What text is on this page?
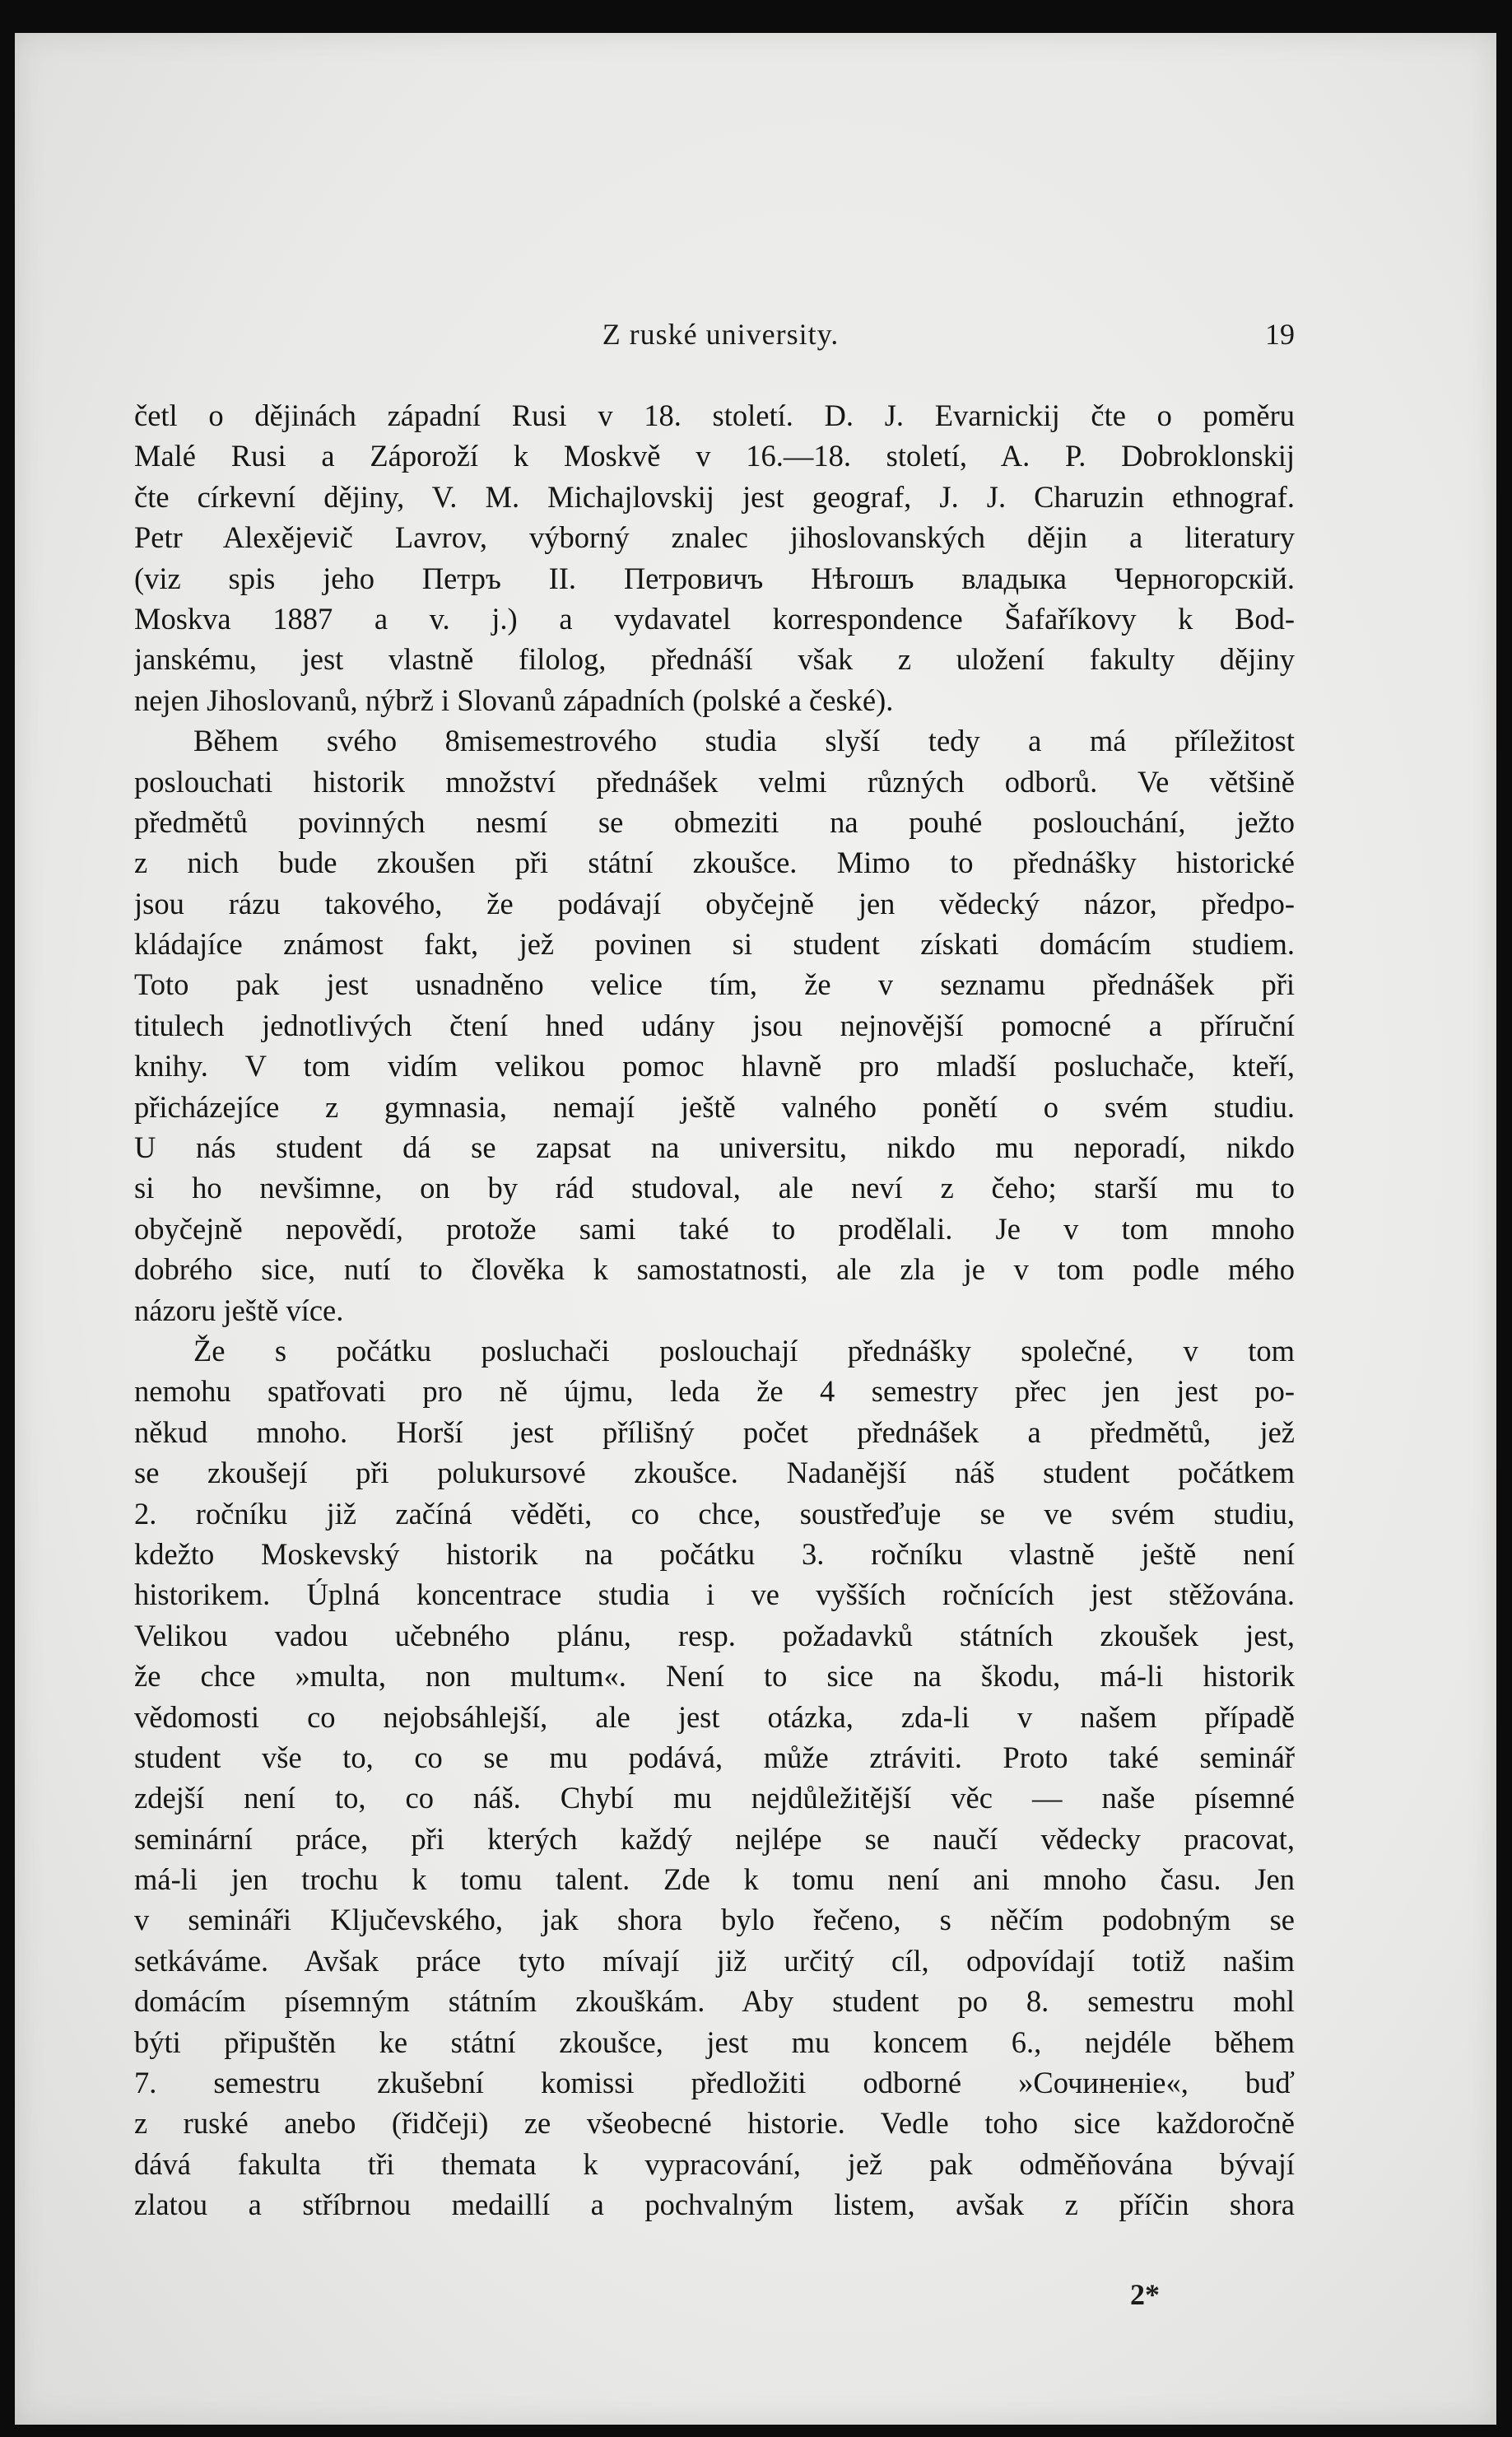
Z ruské university.	19
četl o dějinách západní Rusi v 18. století. D. J. Evarnickij čte o poměru
Malé Rusi a Záporoží k Moskvě v 16.—18. století, A. P. Dobroklonskij
čte církevní dějiny, V. M. Michajlovskij jest geograf, J. J. Charuzin ethnograf.
Petr Alexějevič Lavrov, výborný znalec jihoslovanských dějin a literatury
(viz spis jeho Петръ II. Петровичъ Нѣгошъ владыка Черногорскій.
Moskva 1887 a v. j.) a vydavatel korrespondence Šafaříkovy k Bod-
janskému, jest vlastně filolog, přednáší však z uložení fakulty dějiny
nejen Jihoslovanů, nýbrž i Slovanů západních (polské a české).
Během svého 8misemestrového studia slyší tedy a má příležitost
poslouchati historik množství přednášek velmi různých odborů. Ve většině
předmětů povinných nesmí se obmeziti na pouhé poslouchání, ježto
z nich bude zkoušen při státní zkoušce. Mimo to přednášky historické
jsou rázu takového, že podávají obyčejně jen vědecký názor, předpo-
kládajíce známost fakt, jež povinen si student získati domácím studiem.
Toto pak jest usnadněno velice tím, že v seznamu přednášek při
titulech jednotlivých čtení hned udány jsou nejnovější pomocné a příruční
knihy. V tom vidím velikou pomoc hlavně pro mladší posluchače, kteří,
přicházejíce z gymnasia, nemají ještě valného ponětí o svém studiu.
U nás student dá se zapsat na universitu, nikdo mu neporadí, nikdo
si ho nevšimne, on by rád studoval, ale neví z čeho; starší mu to
obyčejně nepovědí, protože sami také to prodělali. Je v tom mnoho
dobrého sice, nutí to člověka k samostatnosti, ale zla je v tom podle mého
názoru ještě více.
Že s počátku posluchači poslouchají přednášky společné, v tom
nemohu spatřovati pro ně újmu, leda že 4 semestry přec jen jest po-
někud mnoho. Horší jest přílišný počet přednášek a předmětů, jež
se zkoušejí při polukursové zkoušce. Nadanější náš student počátkem
2. ročníku již začíná věděti, co chce, soustřeďuje se ve svém studiu,
kdežto Moskevský historik na počátku 3. ročníku vlastně ještě není
historikem. Úplná koncentrace studia i ve vyšších ročnících jest stěžována.
Velikou vadou učebného plánu, resp. požadavků státních zkoušek jest,
že chce »multa, non multum«. Není to sice na škodu, má-li historik
vědomosti co nejobsáhlejší, ale jest otázka, zda-li v našem případě
student vše to, co se mu podává, může ztráviti. Proto také seminář
zdejší není to, co náš. Chybí mu nejdůležitější věc — naše písemné
seminární práce, při kterých každý nejlépe se naučí vědecky pracovat,
má-li jen trochu k tomu talent. Zde k tomu není ani mnoho času. Jen
v semináři Ključevského, jak shora bylo řečeno, s něčím podobným se
setkáváme. Avšak práce tyto mívají již určitý cíl, odpovídají totiž našim
domácím písemným státním zkouškám. Aby student po 8. semestru mohl
býti připuštěn ke státní zkoušce, jest mu koncem 6., nejdéle během
7. semestru zkušební komissi předložiti odborné »Сочиненіе«, buď
z ruské anebo (řidčeji) ze všeobecné historie. Vedle toho sice každoročně
dává fakulta tři themata k vypracování, jež pak odměňována bývají
zlatou a stříbrnou medaillí a pochvalným listem, avšak z příčin shora
2*
